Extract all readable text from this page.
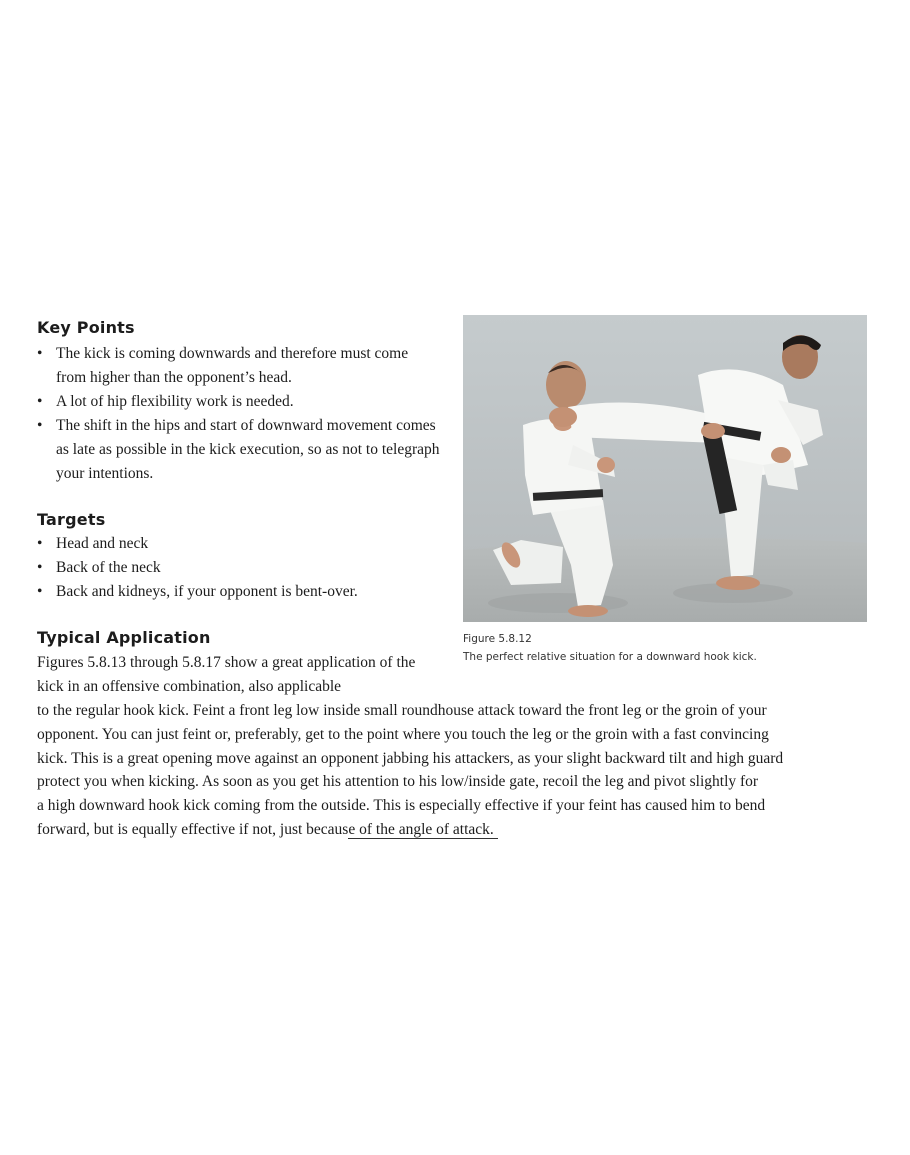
Key Points
• The kick is coming downwards and therefore must come from higher than the opponent’s head.
• A lot of hip flexibility work is needed.
• The shift in the hips and start of downward movement comes as late as possible in the kick execution, so as not to telegraph your intentions.
Targets
• Head and neck
• Back of the neck
• Back and kidneys, if your opponent is bent-over.
Typical Application

Figures 5.8.13 through 5.8.17 show a great application of the kick in an offensive combination, also applicable

to the regular hook kick. Feint a front leg low inside small roundhouse attack toward the front leg or the groin of your
opponent. You can just feint or, preferably, get to the point where you touch the leg or the groin with a fast convincing
kick. This is a great opening move against an opponent jabbing his attackers, as your slight backward tilt and high guard
protect you when kicking. As soon as you get his attention to his low/inside gate, recoil the leg and pivot slightly for
a high downward hook kick coming from the outside. This is especially effective if your feint has caused him to bend
forward, but is equally effective if not, just because of the angle of attack.

Figure 5.8.12

The perfect relative situation for a downward hook kick.
